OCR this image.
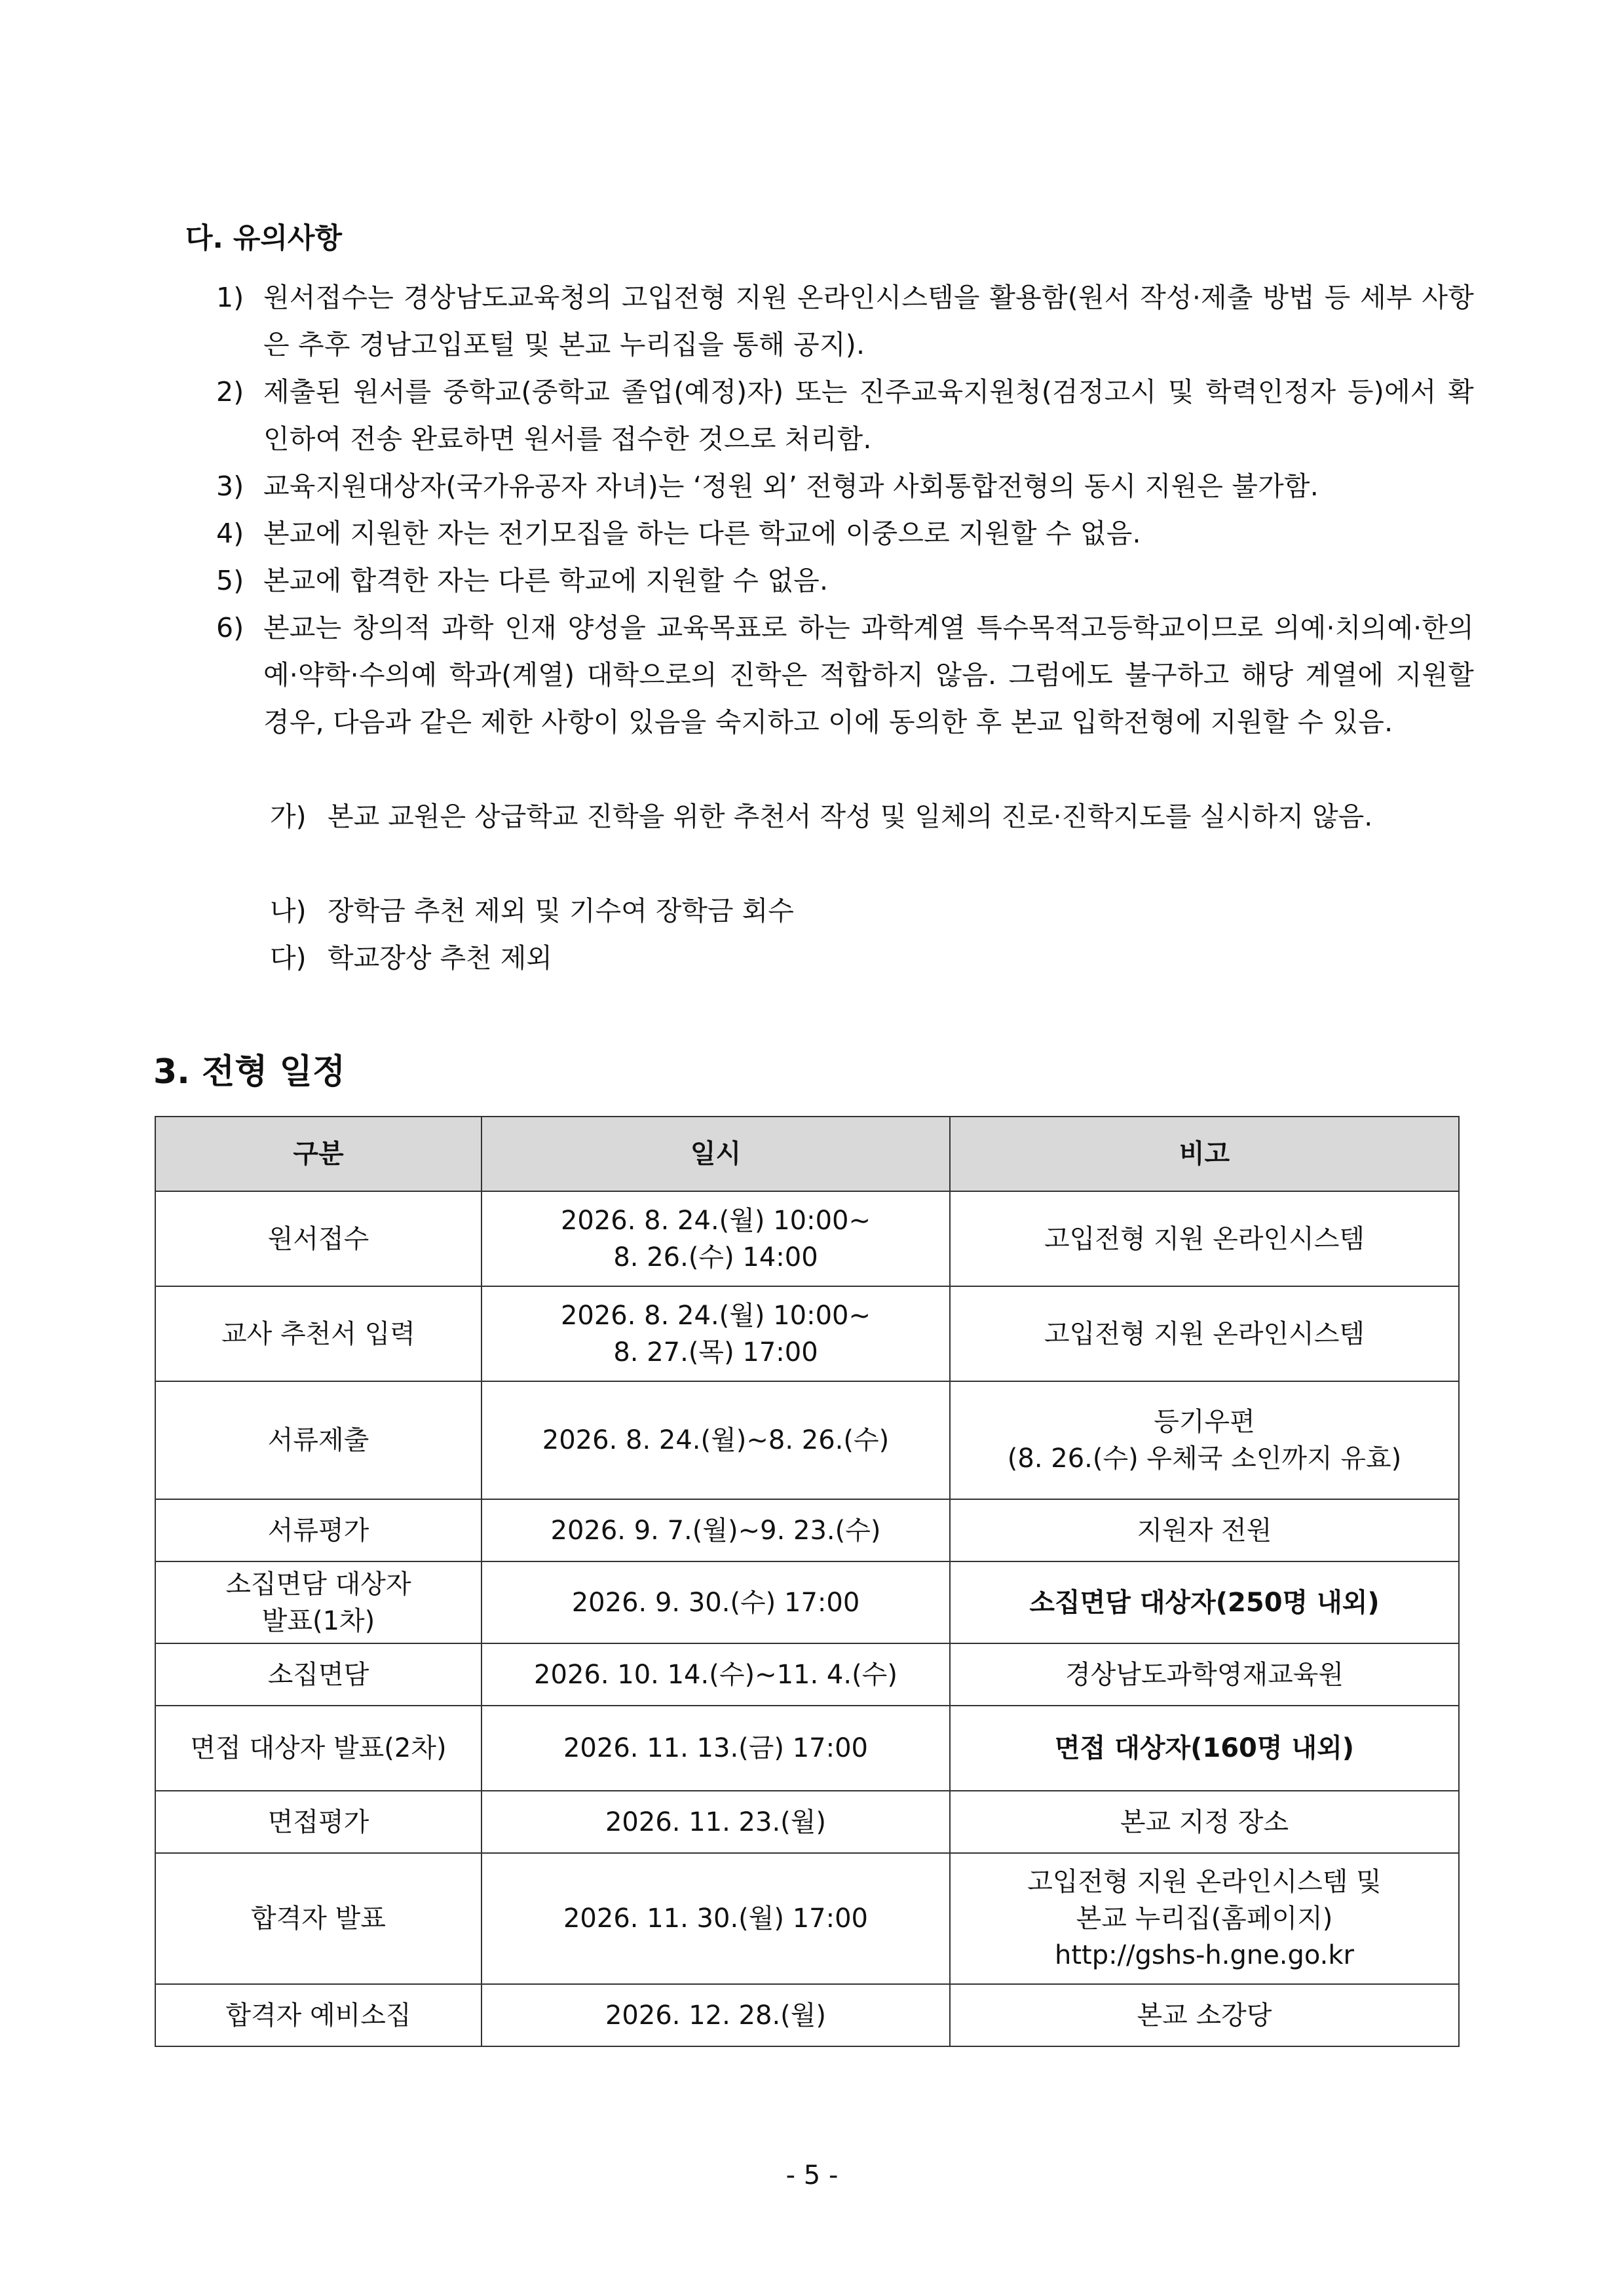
다. 유의사항
1) 원서접수는 경상남도교육청의 고입전형 지원 온라인시스템을 활용함(원서 작성·제출 방법 등 세부 사항은 추후 경남고입포털 및 본교 누리집을 통해 공지).
2) 제출된 원서를 중학교(중학교 졸업(예정)자) 또는 진주교육지원청(검정고시 및 학력인정자 등)에서 확인하여 전송 완료하면 원서를 접수한 것으로 처리함.
3) 교육지원대상자(국가유공자 자녀)는 ‘정원 외’ 전형과 사회통합전형의 동시 지원은 불가함.
4) 본교에 지원한 자는 전기모집을 하는 다른 학교에 이중으로 지원할 수 없음.
5) 본교에 합격한 자는 다른 학교에 지원할 수 없음.
6) 본교는 창의적 과학 인재 양성을 교육목표로 하는 과학계열 특수목적고등학교이므로 의예·치의예·한의예·약학·수의예 학과(계열) 대학으로의 진학은 적합하지 않음. 그럼에도 불구하고 해당 계열에 지원할 경우, 다음과 같은 제한 사항이 있음을 숙지하고 이에 동의한 후 본교 입학전형에 지원할 수 있음.
가) 본교 교원은 상급학교 진학을 위한 추천서 작성 및 일체의 진로·진학지도를 실시하지 않음.
나) 장학금 추천 제외 및 기수여 장학금 회수
다) 학교장상 추천 제외
3. 전형 일정
구분	일시	비고

원서접수	2026. 8. 24.(월) 10:00~
8. 26.(수) 14:00	고입전형 지원 온라인시스템

교사 추천서 입력	2026. 8. 24.(월) 10:00~
8. 27.(목) 17:00	고입전형 지원 온라인시스템

서류제출	2026. 8. 24.(월)~8. 26.(수)	등기우편
(8. 26.(수) 우체국 소인까지 유효)

서류평가	2026. 9. 7.(월)~9. 23.(수)	지원자 전원

소집면담 대상자
발표(1차)	2026. 9. 30.(수) 17:00	소집면담 대상자(250명 내외)

소집면담	2026. 10. 14.(수)~11. 4.(수)	경상남도과학영재교육원

면접 대상자 발표(2차)	2026. 11. 13.(금) 17:00	면접 대상자(160명 내외)

면접평가	2026. 11. 23.(월)	본교 지정 장소

합격자 발표	2026. 11. 30.(월) 17:00	고입전형 지원 온라인시스템 및
본교 누리집(홈페이지)
http://gshs-h.gne.go.kr

합격자 예비소집	2026. 12. 28.(월)	본교 소강당
- 5 -
